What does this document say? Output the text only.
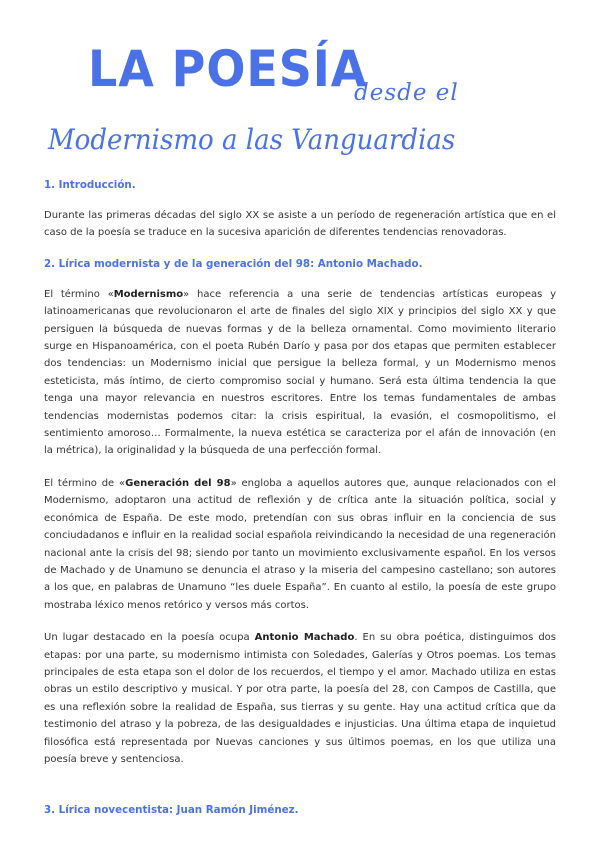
LA POESÍA
desde el
Modernismo a las Vanguardias
1. Introducción.

Durante las primeras décadas del siglo XX se asiste a un período de regeneración artística que en el caso de la poesía se traduce en la sucesiva aparición de diferentes tendencias renovadoras.

2. Lírica modernista y de la generación del 98: Antonio Machado.

El término «Modernismo» hace referencia a una serie de tendencias artísticas europeas y latinoamericanas que revolucionaron el arte de finales del siglo XIX y principios del siglo XX y que persiguen la búsqueda de nuevas formas y de la belleza ornamental. Como movimiento literario surge en Hispanoamérica, con el poeta Rubén Darío y pasa por dos etapas que permiten establecer dos tendencias: un Modernismo inicial que persigue la belleza formal, y un Modernismo menos esteticista, más íntimo, de cierto compromiso social y humano. Será esta última tendencia la que tenga una mayor relevancia en nuestros escritores. Entre los temas fundamentales de ambas tendencias modernistas podemos citar: la crisis espiritual, la evasión, el cosmopolitismo, el sentimiento amoroso… Formalmente, la nueva estética se caracteriza por el afán de innovación (en la métrica), la originalidad y la búsqueda de una perfección formal.

El término de «Generación del 98» engloba a aquellos autores que, aunque relacionados con el Modernismo, adoptaron una actitud de reflexión y de crítica ante la situación política, social y económica de España. De este modo, pretendían con sus obras influir en la conciencia de sus conciudadanos e influir en la realidad social española reivindicando la necesidad de una regeneración nacional ante la crisis del 98; siendo por tanto un movimiento exclusivamente español. En los versos de Machado y de Unamuno se denuncia el atraso y la miseria del campesino castellano; son autores a los que, en palabras de Unamuno “les duele España”. En cuanto al estilo, la poesía de este grupo mostraba léxico menos retórico y versos más cortos.

Un lugar destacado en la poesía ocupa Antonio Machado. En su obra poética, distinguimos dos etapas: por una parte, su modernismo intimista con Soledades, Galerías y Otros poemas. Los temas principales de esta etapa son el dolor de los recuerdos, el tiempo y el amor. Machado utiliza en estas obras un estilo descriptivo y musical. Y por otra parte, la poesía del 28, con Campos de Castilla, que es una reflexión sobre la realidad de España, sus tierras y su gente. Hay una actitud crítica que da testimonio del atraso y la pobreza, de las desigualdades e injusticias. Una última etapa de inquietud filosófica está representada por Nuevas canciones y sus últimos poemas, en los que utiliza una poesía breve y sentenciosa.

3. Lírica novecentista: Juan Ramón Jiménez.
